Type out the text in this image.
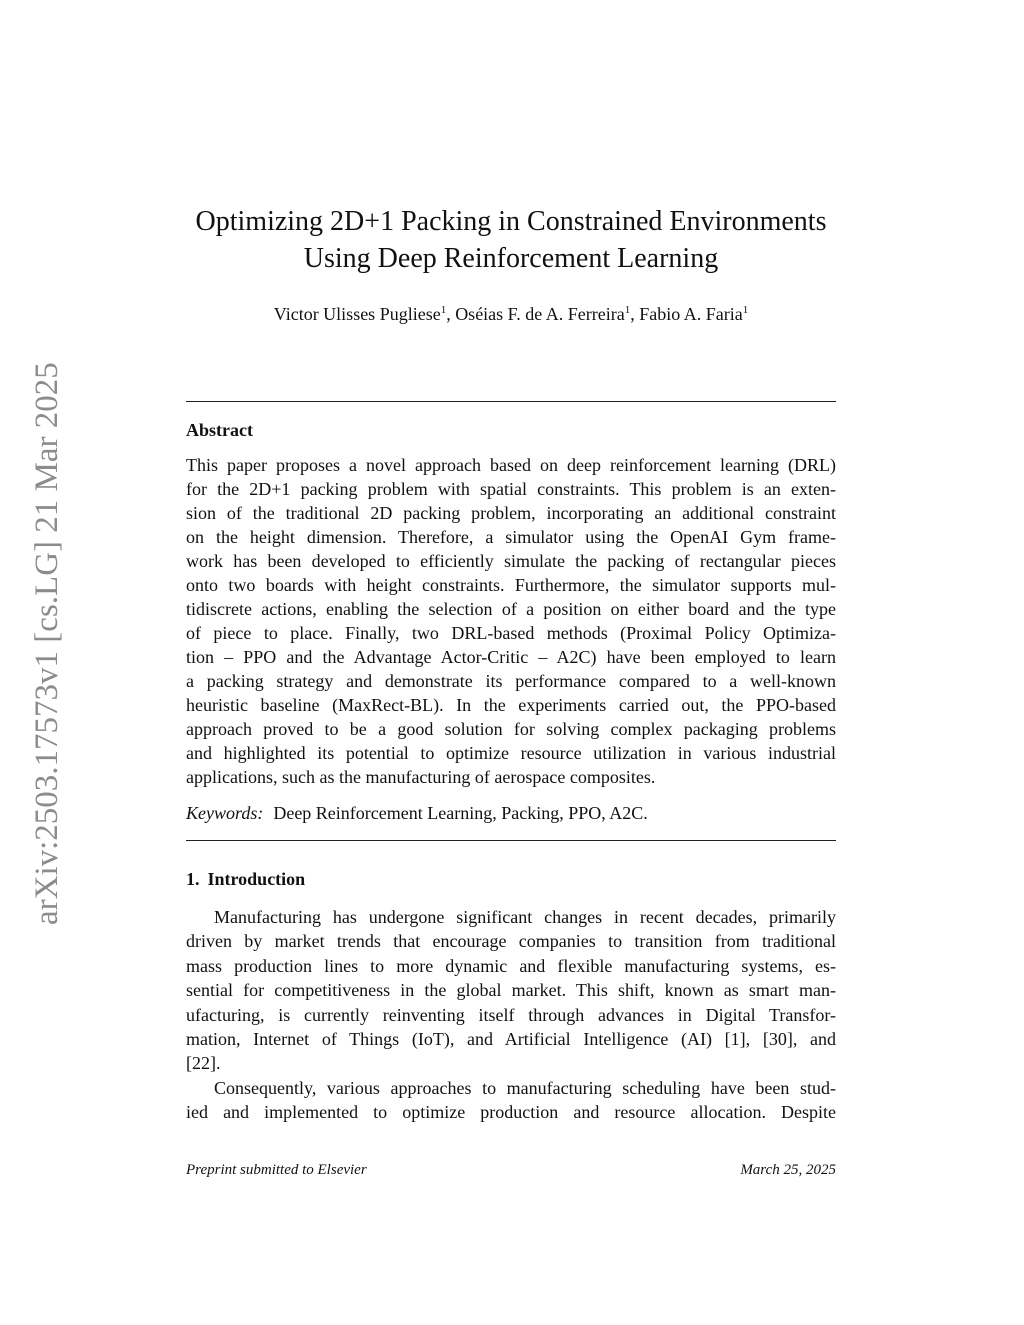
arXiv:2503.17573v1 [cs.LG] 21 Mar 2025
Optimizing 2D+1 Packing in Constrained Environments
Using Deep Reinforcement Learning
Victor Ulisses Pugliese$^1$, Oséias F. de A. Ferreira$^1$, Fabio A. Faria$^1$
Abstract
This paper proposes a novel approach based on deep reinforcement learning (DRL)
for the 2D+1 packing problem with spatial constraints. This problem is an exten-
sion of the traditional 2D packing problem, incorporating an additional constraint
on the height dimension. Therefore, a simulator using the OpenAI Gym frame-
work has been developed to efficiently simulate the packing of rectangular pieces
onto two boards with height constraints. Furthermore, the simulator supports mul-
tidiscrete actions, enabling the selection of a position on either board and the type
of piece to place. Finally, two DRL-based methods (Proximal Policy Optimiza-
tion – PPO and the Advantage Actor-Critic – A2C) have been employed to learn
a packing strategy and demonstrate its performance compared to a well-known
heuristic baseline (MaxRect-BL). In the experiments carried out, the PPO-based
approach proved to be a good solution for solving complex packaging problems
and highlighted its potential to optimize resource utilization in various industrial
applications, such as the manufacturing of aerospace composites.
Keywords: Deep Reinforcement Learning, Packing, PPO, A2C.
1. Introduction
Manufacturing has undergone significant changes in recent decades, primarily
driven by market trends that encourage companies to transition from traditional
mass production lines to more dynamic and flexible manufacturing systems, es-
sential for competitiveness in the global market. This shift, known as smart man-
ufacturing, is currently reinventing itself through advances in Digital Transfor-
mation, Internet of Things (IoT), and Artificial Intelligence (AI) [1], [30], and
[22].
Consequently, various approaches to manufacturing scheduling have been stud-
ied and implemented to optimize production and resource allocation. Despite
Preprint submitted to Elsevier	March 25, 2025
